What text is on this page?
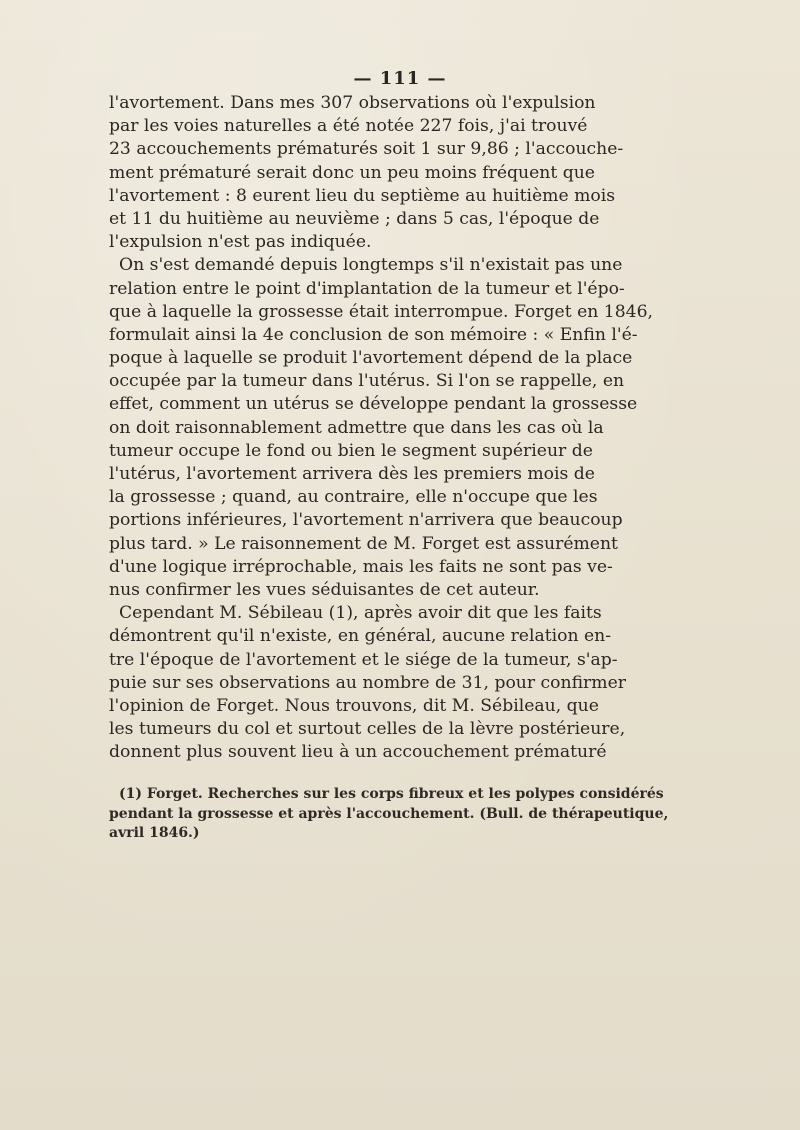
— 111 —
l'avortement. Dans mes 307 observations où l'expulsion
par les voies naturelles a été notée 227 fois, j'ai trouvé
23 accouchements prématurés soit 1 sur 9,86 ; l'accouche-
ment prématuré serait donc un peu moins fréquent que
l'avortement : 8 eurent lieu du septième au huitième mois
et 11 du huitième au neuvième ; dans 5 cas, l'époque de
l'expulsion n'est pas indiquée.
On s'est demandé depuis longtemps s'il n'existait pas une
relation entre le point d'implantation de la tumeur et l'épo-
que à laquelle la grossesse était interrompue. Forget en 1846,
formulait ainsi la 4e conclusion de son mémoire : « Enfin l'é-
poque à laquelle se produit l'avortement dépend de la place
occupée par la tumeur dans l'utérus. Si l'on se rappelle, en
effet, comment un utérus se développe pendant la grossesse
on doit raisonnablement admettre que dans les cas où la
tumeur occupe le fond ou bien le segment supérieur de
l'utérus, l'avortement arrivera dès les premiers mois de
la grossesse ; quand, au contraire, elle n'occupe que les
portions inférieures, l'avortement n'arrivera que beaucoup
plus tard. » Le raisonnement de M. Forget est assurément
d'une logique irréprochable, mais les faits ne sont pas ve-
nus confirmer les vues séduisantes de cet auteur.
Cependant M. Sébileau (1), après avoir dit que les faits
démontrent qu'il n'existe, en général, aucune relation en-
tre l'époque de l'avortement et le siége de la tumeur, s'ap-
puie sur ses observations au nombre de 31, pour confirmer
l'opinion de Forget. Nous trouvons, dit M. Sébileau, que
les tumeurs du col et surtout celles de la lèvre postérieure,
donnent plus souvent lieu à un accouchement prématuré
(1) Forget. Recherches sur les corps fibreux et les polypes considérés
pendant la grossesse et après l'accouchement. (Bull. de thérapeutique,
avril 1846.)
